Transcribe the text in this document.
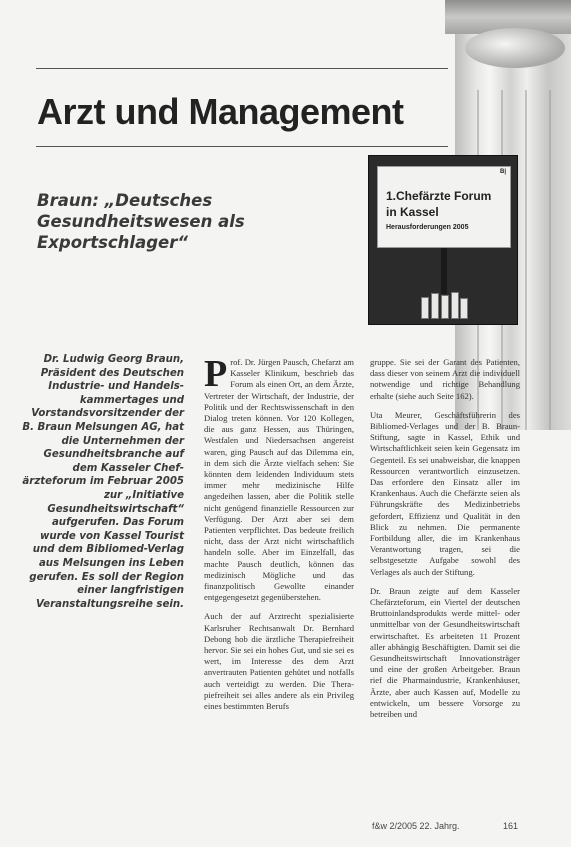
Arzt und Management
Braun: „Deutsches Gesundheitswesen als Exportschlager“
B|
1.Chefärzte Forum
in Kassel
Herausforderungen 2005

Dr. Ludwig Georg Braun, Präsident des Deutschen Industrie- und Handelskammertages und Vorstandsvorsitzender der B. Braun Melsungen AG, hat die Unternehmen der Gesundheitsbranche auf dem Kasseler Chefärzteforum im Februar 2005 zur „Initiative Gesundheitswirtschaft“ aufgerufen. Das Forum wurde von Kassel Tourist und dem Bibliomed-Verlag aus Melsungen ins Leben gerufen. Es soll der Region einer langfristigen Veranstaltungsreihe sein.

Prof. Dr. Jürgen Pausch, Chefarzt am Kasseler Klinikum, beschrieb das Forum als einen Ort, an dem Ärzte, Vertreter der Wirtschaft, der Industrie, der Politik und der Rechtswissenschaft in den Dialog treten können. Vor 120 Kollegen, die aus ganz Hessen, aus Thüringen, Westfalen und Niedersachsen angereist waren, ging Pausch auf das Dilemma ein, in dem sich die Ärzte vielfach sehen: Sie könnten dem leidenden Individuum stets immer mehr medizinische Hilfe angedeihen lassen, aber die Politik stelle nicht genügend finanzielle Ressourcen zur Verfügung. Der Arzt aber sei dem Patienten verpflichtet. Das bedeute freilich nicht, dass der Arzt nicht wirtschaftlich handeln solle. Aber im Einzelfall, das machte Pausch deutlich, können das medizinisch Mögliche und das finanzpolitisch Gewollte einander entgegengesetzt gegenüberstehen.

Auch der auf Arztrecht spezialisierte Karlsruher Rechtsanwalt Dr. Bernhard Debong hob die ärztliche Therapiefreiheit hervor. Sie sei ein hohes Gut, und sie sei es wert, im Interesse des dem Arzt anvertrauten Patienten gehütet und notfalls auch verteidigt zu werden. Die Therapiefreiheit sei alles andere als ein Privileg eines bestimmten Berufs

gruppe. Sie sei der Garant des Patienten, dass dieser von seinem Arzt die individuell notwendige und richtige Behandlung erhalte (siehe auch Seite 162).

Uta Meurer, Geschäftsführerin des Bibliomed-Verlages und der B. Braun-Stiftung, sagte in Kassel, Ethik und Wirtschaftlichkeit seien kein Gegensatz im Gegenteil. Es sei unabweisbar, die knappen Ressourcen verantwortlich einzusetzen. Das erfordere den Einsatz aller im Krankenhaus. Auch die Chefärzte seien als Führungskräfte des Medizinbetriebs gefordert, Effizienz und Qualität in den Blick zu nehmen. Die permanente Fortbildung aller, die im Krankenhaus Verantwortung tragen, sei die selbstgesetzte Aufgabe sowohl des Verlages als auch der Stiftung.

Dr. Braun zeigte auf dem Kasseler Chefärzteforum, ein Viertel der deutschen Bruttoinlandsprodukts werde mittel- oder unmittelbar von der Gesundheitswirtschaft erwirtschaftet. Es arbeiteten 11 Prozent aller abhängig Beschäftigten. Damit sei die Gesundheitswirtschaft Innovationsträger und eine der großen Arbeitgeber. Braun rief die Pharmaindustrie, Krankenhäuser, Ärzte, aber auch Kassen auf, Modelle zu entwickeln, um bessere Vorsorge zu betreiben und

f&w 2/2005 22. Jahrg.	161
